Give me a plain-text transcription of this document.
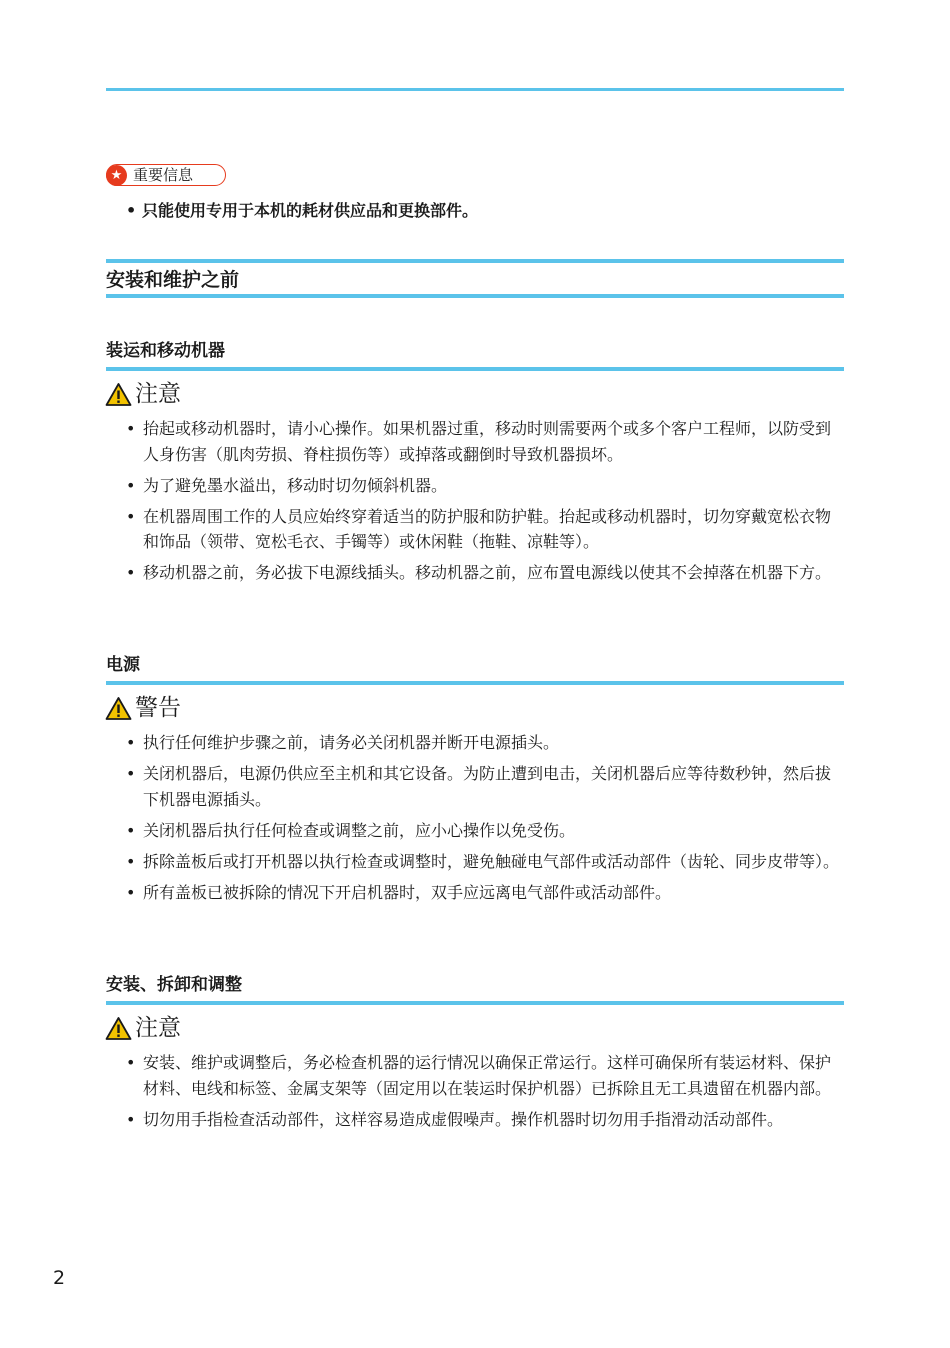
★ 重要信息
• 只能使用专用于本机的耗材供应品和更换部件。
安装和维护之前
装运和移动机器
注意
• 抬起或移动机器时，请小心操作。如果机器过重，移动时则需要两个或多个客户工程师，以防受到人身伤害（肌肉劳损、脊柱损伤等）或掉落或翻倒时导致机器损坏。
• 为了避免墨水溢出，移动时切勿倾斜机器。
• 在机器周围工作的人员应始终穿着适当的防护服和防护鞋。抬起或移动机器时，切勿穿戴宽松衣物和饰品（领带、宽松毛衣、手镯等）或休闲鞋（拖鞋、凉鞋等）。
• 移动机器之前，务必拔下电源线插头。移动机器之前，应布置电源线以使其不会掉落在机器下方。
电源
警告
• 执行任何维护步骤之前，请务必关闭机器并断开电源插头。
• 关闭机器后，电源仍供应至主机和其它设备。为防止遭到电击，关闭机器后应等待数秒钟，然后拔下机器电源插头。
• 关闭机器后执行任何检查或调整之前，应小心操作以免受伤。
• 拆除盖板后或打开机器以执行检查或调整时，避免触碰电气部件或活动部件（齿轮、同步皮带等）。
• 所有盖板已被拆除的情况下开启机器时，双手应远离电气部件或活动部件。
安装、拆卸和调整
注意
• 安装、维护或调整后，务必检查机器的运行情况以确保正常运行。这样可确保所有装运材料、保护材料、电线和标签、金属支架等（固定用以在装运时保护机器）已拆除且无工具遗留在机器内部。
• 切勿用手指检查活动部件，这样容易造成虚假噪声。操作机器时切勿用手指滑动活动部件。
2
